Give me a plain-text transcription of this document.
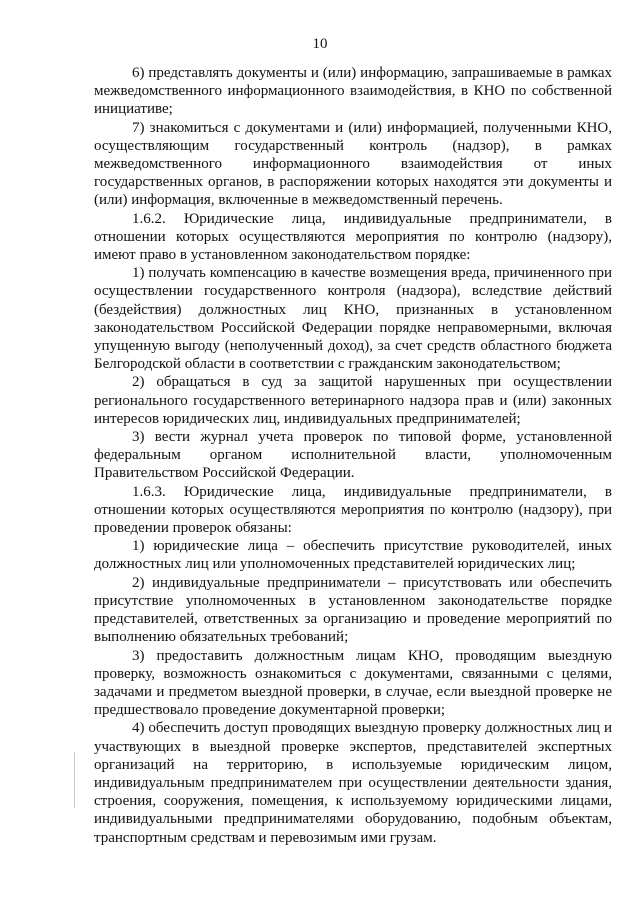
10

6) представлять документы и (или) информацию, запрашиваемые в рамках межведомственного информационного взаимодействия, в КНО по собственной инициативе;

7) знакомиться с документами и (или) информацией, полученными КНО, осуществляющим государственный контроль (надзор), в рамках межведомственного информационного взаимодействия от иных государственных органов, в распоряжении которых находятся эти документы и (или) информация, включенные в межведомственный перечень.

1.6.2. Юридические лица, индивидуальные предприниматели, в отношении которых осуществляются мероприятия по контролю (надзору), имеют право в установленном законодательством порядке:

1) получать компенсацию в качестве возмещения вреда, причиненного при осуществлении государственного контроля (надзора), вследствие действий (бездействия) должностных лиц КНО, признанных в установленном законодательством Российской Федерации порядке неправомерными, включая упущенную выгоду (неполученный доход), за счет средств областного бюджета Белгородской области в соответствии с гражданским законодательством;

2) обращаться в суд за защитой нарушенных при осуществлении регионального государственного ветеринарного надзора прав и (или) законных интересов юридических лиц, индивидуальных предпринимателей;

3) вести журнал учета проверок по типовой форме, установленной федеральным органом исполнительной власти, уполномоченным Правительством Российской Федерации.

1.6.3. Юридические лица, индивидуальные предприниматели, в отношении которых осуществляются мероприятия по контролю (надзору), при проведении проверок обязаны:

1) юридические лица – обеспечить присутствие руководителей, иных должностных лиц или уполномоченных представителей юридических лиц;

2) индивидуальные предприниматели – присутствовать или обеспечить присутствие уполномоченных в установленном законодательстве порядке представителей, ответственных за организацию и проведение мероприятий по выполнению обязательных требований;

3) предоставить должностным лицам КНО, проводящим выездную проверку, возможность ознакомиться с документами, связанными с целями, задачами и предметом выездной проверки, в случае, если выездной проверке не предшествовало проведение документарной проверки;

4) обеспечить доступ проводящих выездную проверку должностных лиц и участвующих в выездной проверке экспертов, представителей экспертных организаций на территорию, в используемые юридическим лицом, индивидуальным предпринимателем при осуществлении деятельности здания, строения, сооружения, помещения, к используемому юридическими лицами, индивидуальными предпринимателями оборудованию, подобным объектам, транспортным средствам и перевозимым ими грузам.
